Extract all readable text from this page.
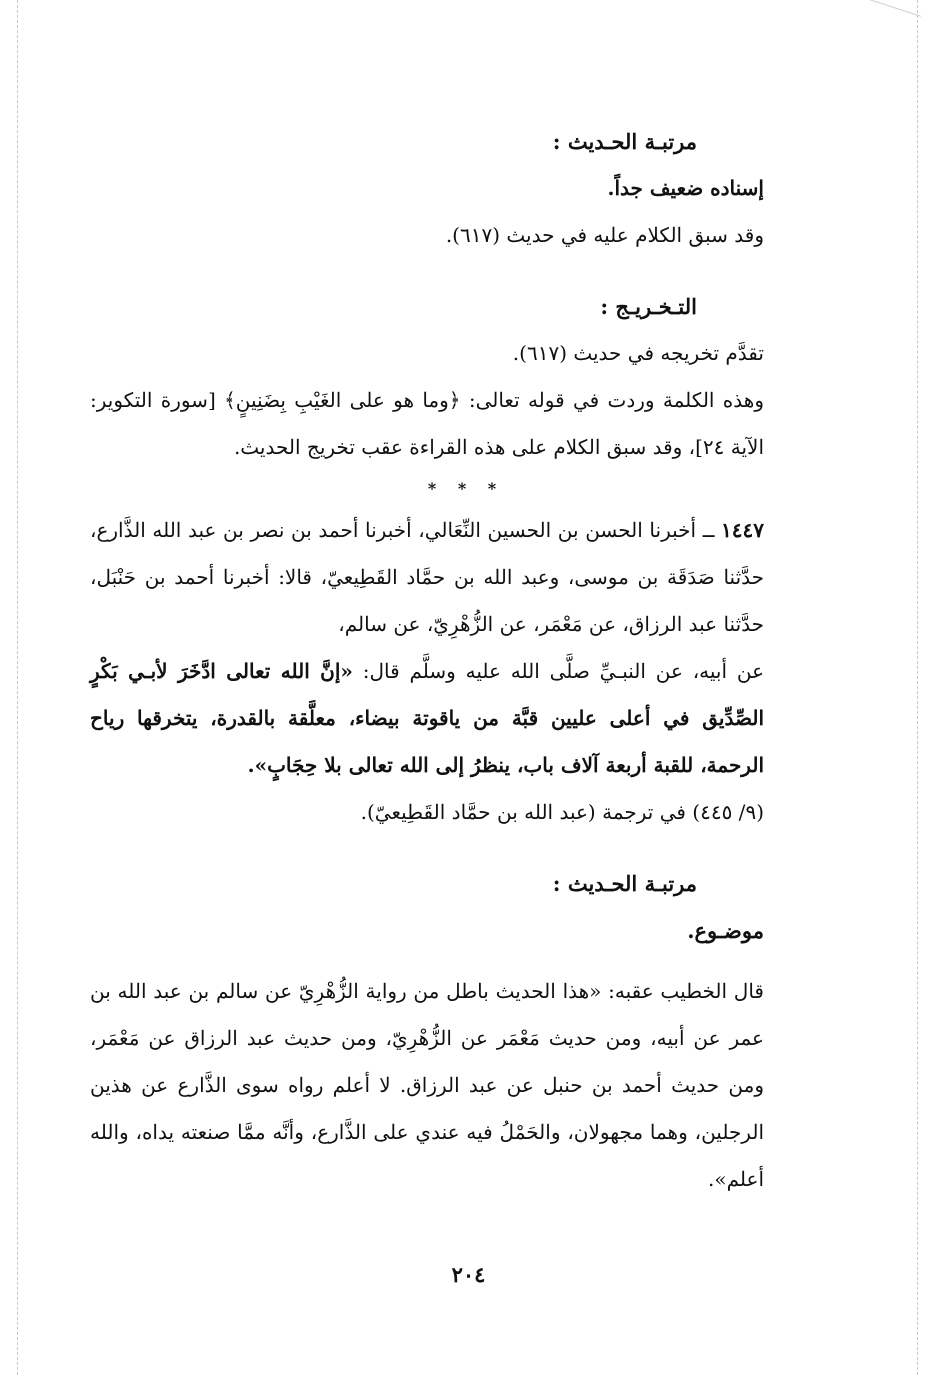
مرتبـة الحـديث :

إسناده ضعيف جداً.

وقد سبق الكلام عليه في حديث (٦١٧).

التـخـريـج :

تقدَّم تخريجه في حديث (٦١٧).

وهذه الكلمة وردت في قوله تعالى: ﴿وما هو على الغَيْبِ بِضَنِينٍ﴾ [سورة التكوير: الآية ٢٤]، وقد سبق الكلام على هذه القراءة عقب تخريج الحديث.

* * *

١٤٤٧ ــ أخبرنا الحسن بن الحسين النِّعَالي، أخبرنا أحمد بن نصر بن عبد الله الذَّارع، حدَّثنا صَدَقَة بن موسى، وعبد الله بن حمَّاد القَطِيعيّ، قالا: أخبرنا أحمد بن حَنْبَل، حدَّثنا عبد الرزاق، عن مَعْمَر، عن الزُّهْرِيّ، عن سالم،

عن أبيه، عن النبـيِّ صلَّى الله عليه وسلَّم قال: «إنَّ الله تعالى ادَّخَرَ لأبـي بَكْرٍ الصِّدِّيق في أعلى عليين قبَّة من ياقوتة بيضاء، معلَّقة بالقدرة، يتخرقها رياح الرحمة، للقبة أربعة آلاف باب، ينظرُ إلى الله تعالى بلا حِجَابٍ».

(٩/ ٤٤٥) في ترجمة (عبد الله بن حمَّاد القَطِيعيّ).

مرتبـة الحـديث :

موضـوع.

قال الخطيب عقبه: «هذا الحديث باطل من رواية الزُّهْرِيّ عن سالم بن عبد الله بن عمر عن أبيه، ومن حديث مَعْمَر عن الزُّهْرِيّ، ومن حديث عبد الرزاق عن مَعْمَر، ومن حديث أحمد بن حنبل عن عبد الرزاق. لا أعلم رواه سوى الذَّارع عن هذين الرجلين، وهما مجهولان، والحَمْلُ فيه عندي على الذَّارع، وأنَّه ممَّا صنعته يداه، والله أعلم».

٢٠٤
